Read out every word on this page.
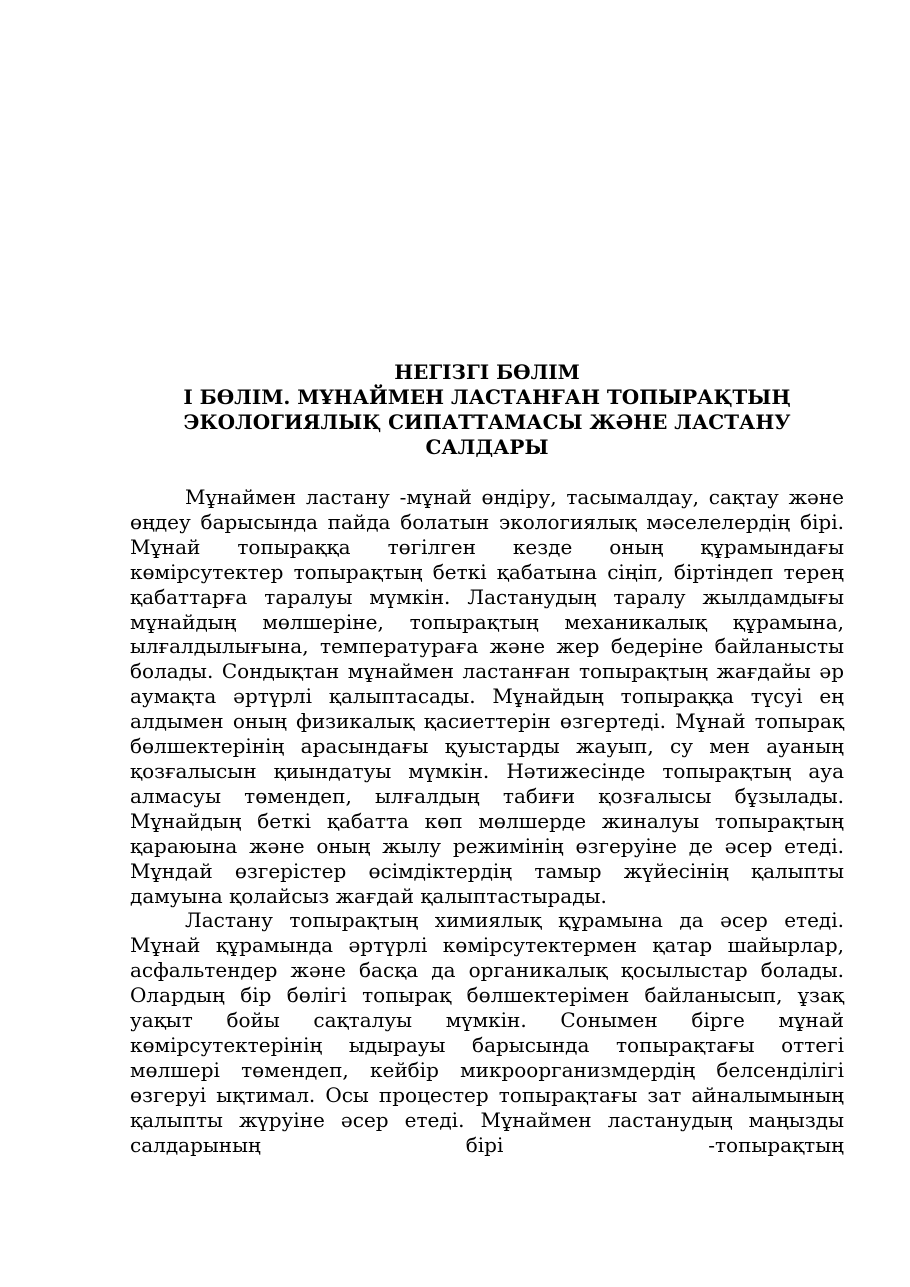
НЕГІЗГІ БӨЛІМ
І БӨЛІМ. МҰНАЙМЕН ЛАСТАНҒАН ТОПЫРАҚТЫҢ
ЭКОЛОГИЯЛЫҚ СИПАТТАМАСЫ ЖӘНЕ ЛАСТАНУ
САЛДАРЫ

Мұнаймен ластану -мұнай өндіру, тасымалдау, сақтау және өңдеу барысында пайда болатын экологиялық мәселелердің бірі. Мұнай топыраққа төгілген кезде оның құрамындағы көмірсутектер топырақтың беткі қабатына сіңіп, біртіндеп терең қабаттарға таралуы мүмкін. Ластанудың таралу жылдамдығы мұнайдың мөлшеріне, топырақтың механикалық құрамына, ылғалдылығына, температураға және жер бедеріне байланысты болады. Сондықтан мұнаймен ластанған топырақтың жағдайы әр аумақта әртүрлі қалыптасады. Мұнайдың топыраққа түсуі ең алдымен оның физикалық қасиеттерін өзгертеді. Мұнай топырақ бөлшектерінің арасындағы қуыстарды жауып, су мен ауаның қозғалысын қиындатуы мүмкін. Нәтижесінде топырақтың ауа алмасуы төмендеп, ылғалдың табиғи қозғалысы бұзылады. Мұнайдың беткі қабатта көп мөлшерде жиналуы топырақтың қараюына және оның жылу режимінің өзгеруіне де әсер етеді. Мұндай өзгерістер өсімдіктердің тамыр жүйесінің қалыпты дамуына қолайсыз жағдай қалыптастырады.

Ластану топырақтың химиялық құрамына да әсер етеді. Мұнай құрамында әртүрлі көмірсутектермен қатар шайырлар, асфальтендер және басқа да органикалық қосылыстар болады. Олардың бір бөлігі топырақ бөлшектерімен байланысып, ұзақ уақыт бойы сақталуы мүмкін. Сонымен бірге мұнай көмірсутектерінің ыдырауы барысында топырақтағы оттегі мөлшері төмендеп, кейбір микроорганизмдердің белсенділігі өзгеруі ықтимал. Осы процестер топырақтағы зат айналымының қалыпты жүруіне әсер етеді. Мұнаймен ластанудың маңызды салдарының бірі -топырақтың
